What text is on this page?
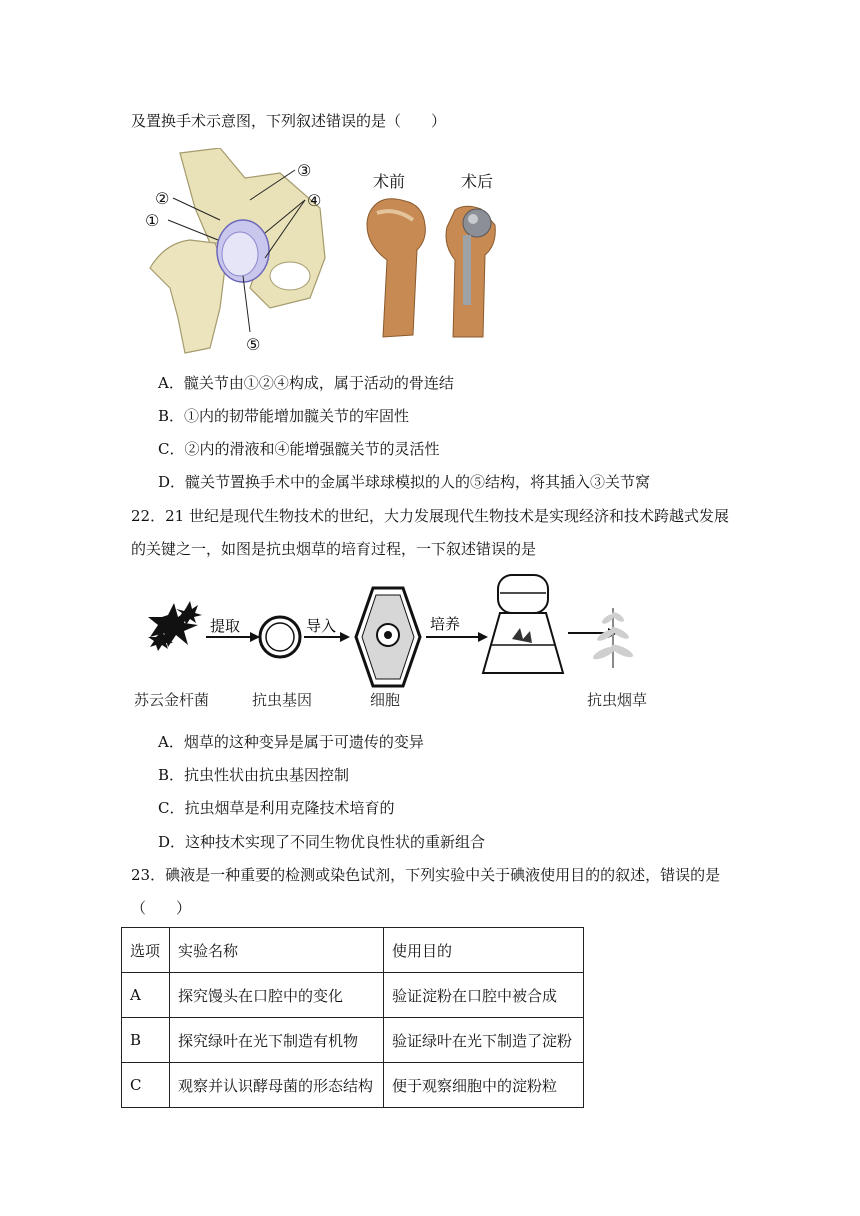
及置换手术示意图，下列叙述错误的是（　　）
①
②
③
④
⑤
术前	术后
A．髋关节由①②④构成，属于活动的骨连结
B．①内的韧带能增加髋关节的牢固性
C．②内的滑液和④能增强髋关节的灵活性
D．髋关节置换手术中的金属半球球模拟的人的⑤结构，将其插入③关节窝
22．21 世纪是现代生物技术的世纪，大力发展现代生物技术是实现经济和技术跨越式发展
的关键之一，如图是抗虫烟草的培育过程，一下叙述错误的是
提取	导入	培养
苏云金杆菌	抗虫基因	细胞	抗虫烟草
A．烟草的这种变异是属于可遗传的变异
B．抗虫性状由抗虫基因控制
C．抗虫烟草是利用克隆技术培育的
D．这种技术实现了不同生物优良性状的重新组合
23．碘液是一种重要的检测或染色试剂，下列实验中关于碘液使用目的的叙述，错误的是
（　　）
选项	实验名称	使用目的
A	探究馒头在口腔中的变化	验证淀粉在口腔中被合成
B	探究绿叶在光下制造有机物	验证绿叶在光下制造了淀粉
C	观察并认识酵母菌的形态结构	便于观察细胞中的淀粉粒
